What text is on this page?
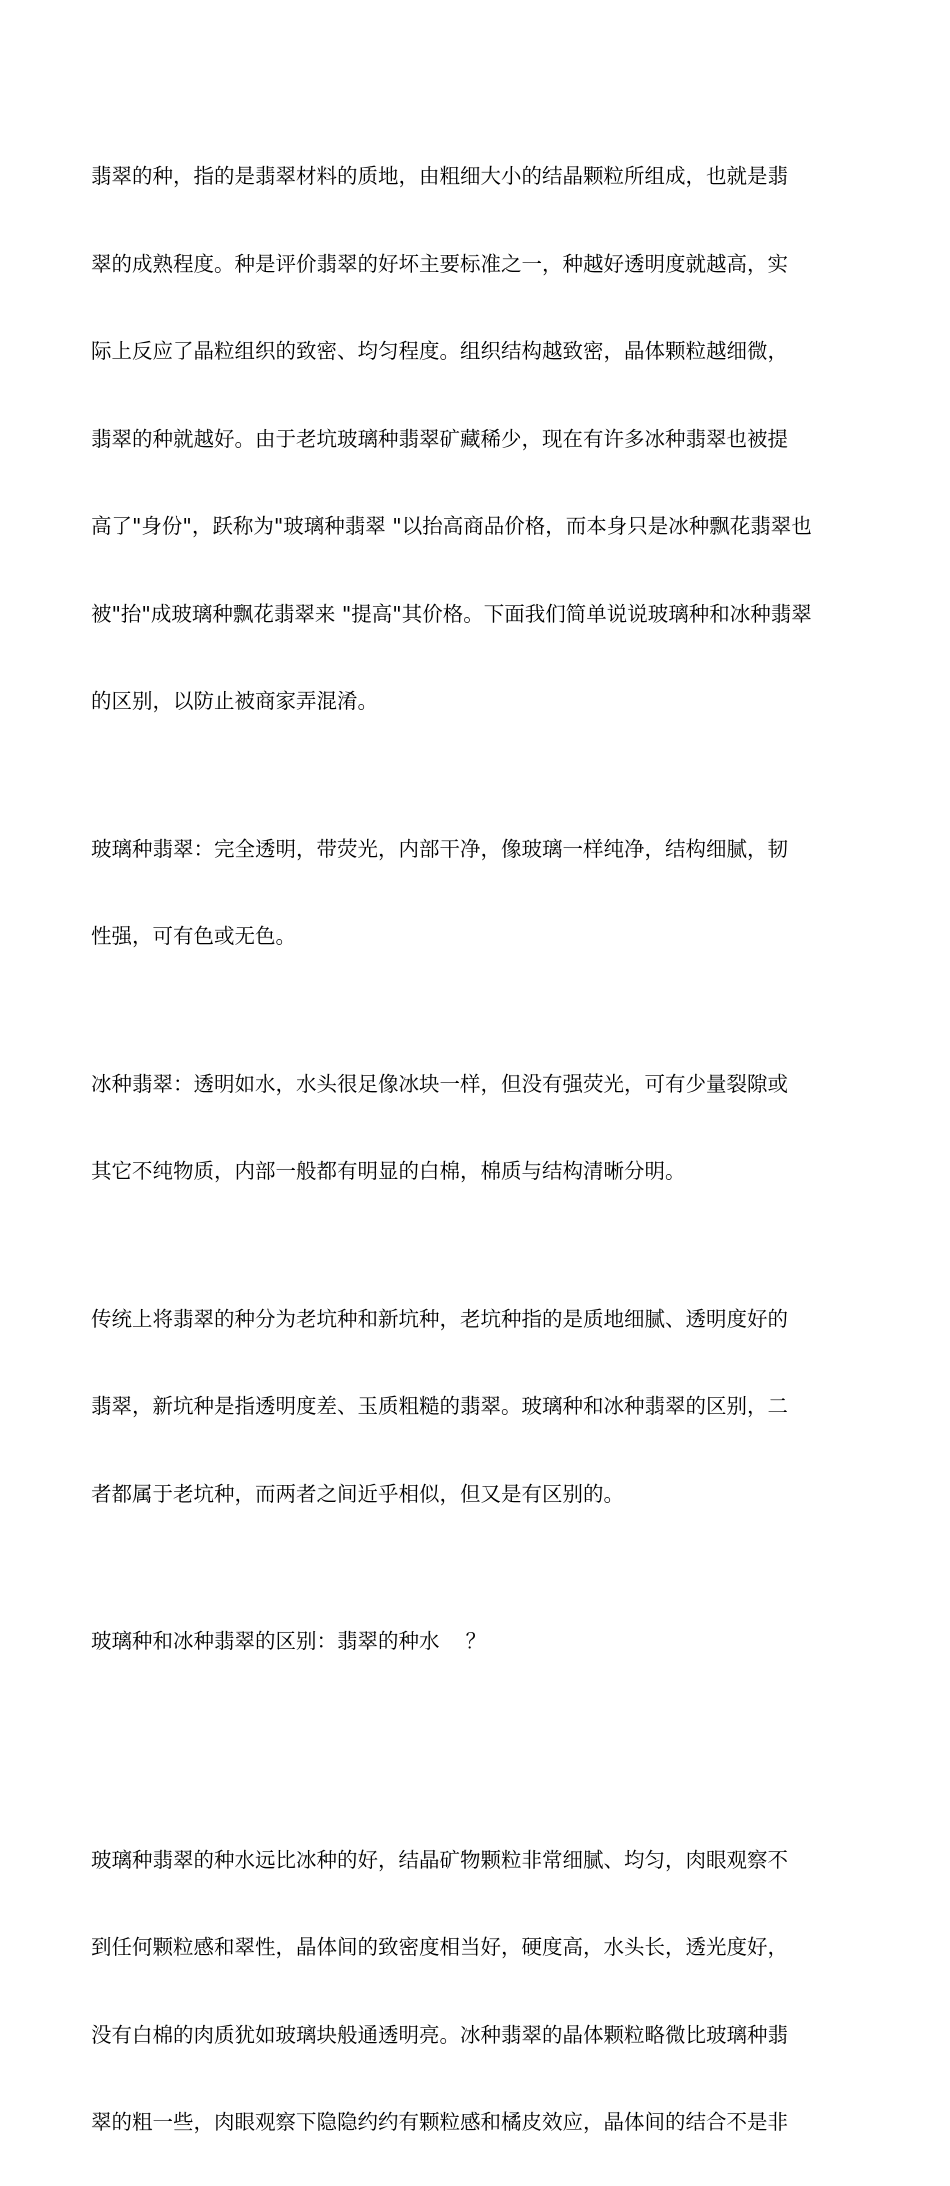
翡翠的种，指的是翡翠材料的质地，由粗细大小的结晶颗粒所组成，也就是翡

翠的成熟程度。种是评价翡翠的好坏主要标准之一，种越好透明度就越高，实

际上反应了晶粒组织的致密、均匀程度。组织结构越致密，晶体颗粒越细微，

翡翠的种就越好。由于老坑玻璃种翡翠矿藏稀少，现在有许多冰种翡翠也被提

高了"身份"，跃称为"玻璃种翡翠 "以抬高商品价格，而本身只是冰种飘花翡翠也

被"抬"成玻璃种飘花翡翠来 "提高"其价格。下面我们简单说说玻璃种和冰种翡翠

的区别，以防止被商家弄混淆。

玻璃种翡翠：完全透明，带荧光，内部干净，像玻璃一样纯净，结构细腻，韧

性强，可有色或无色。

冰种翡翠：透明如水，水头很足像冰块一样，但没有强荧光，可有少量裂隙或

其它不纯物质，内部一般都有明显的白棉，棉质与结构清晰分明。

传统上将翡翠的种分为老坑种和新坑种，老坑种指的是质地细腻、透明度好的

翡翠，新坑种是指透明度差、玉质粗糙的翡翠。玻璃种和冰种翡翠的区别，二

者都属于老坑种，而两者之间近乎相似，但又是有区别的。

玻璃种和冰种翡翠的区别：翡翠的种水    ？

玻璃种翡翠的种水远比冰种的好，结晶矿物颗粒非常细腻、均匀，肉眼观察不

到任何颗粒感和翠性，晶体间的致密度相当好，硬度高，水头长，透光度好，

没有白棉的肉质犹如玻璃块般通透明亮。冰种翡翠的晶体颗粒略微比玻璃种翡

翠的粗一些，肉眼观察下隐隐约约有颗粒感和橘皮效应，晶体间的结合不是非
